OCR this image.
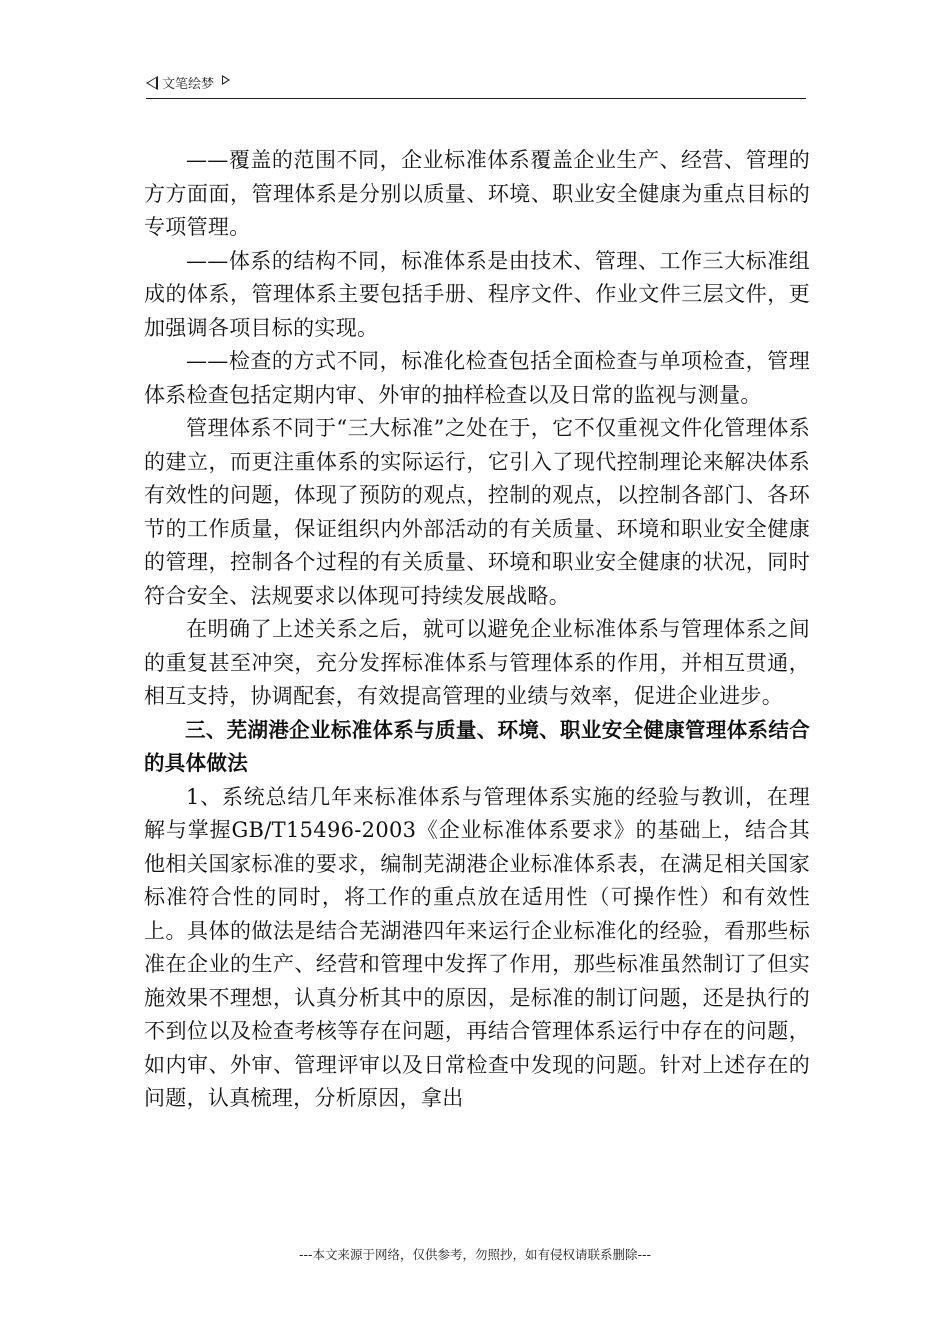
文笔绘梦

——覆盖的范围不同，企业标准体系覆盖企业生产、经营、管理的方方面面，管理体系是分别以质量、环境、职业安全健康为重点目标的专项管理。

——体系的结构不同，标准体系是由技术、管理、工作三大标准组成的体系，管理体系主要包括手册、程序文件、作业文件三层文件，更加强调各项目标的实现。

——检查的方式不同，标准化检查包括全面检查与单项检查，管理体系检查包括定期内审、外审的抽样检查以及日常的监视与测量。

管理体系不同于“三大标准”之处在于，它不仅重视文件化管理体系的建立，而更注重体系的实际运行，它引入了现代控制理论来解决体系有效性的问题，体现了预防的观点，控制的观点，以控制各部门、各环节的工作质量，保证组织内外部活动的有关质量、环境和职业安全健康的管理，控制各个过程的有关质量、环境和职业安全健康的状况，同时符合安全、法规要求以体现可持续发展战略。

在明确了上述关系之后，就可以避免企业标准体系与管理体系之间的重复甚至冲突，充分发挥标准体系与管理体系的作用，并相互贯通，相互支持，协调配套，有效提高管理的业绩与效率，促进企业进步。

三、芜湖港企业标准体系与质量、环境、职业安全健康管理体系结合的具体做法

1、系统总结几年来标准体系与管理体系实施的经验与教训，在理解与掌握GB/T15496-2003《企业标准体系要求》的基础上，结合其他相关国家标准的要求，编制芜湖港企业标准体系表，在满足相关国家标准符合性的同时，将工作的重点放在适用性（可操作性）和有效性上。具体的做法是结合芜湖港四年来运行企业标准化的经验，看那些标准在企业的生产、经营和管理中发挥了作用，那些标准虽然制订了但实施效果不理想，认真分析其中的原因，是标准的制订问题，还是执行的不到位以及检查考核等存在问题，再结合管理体系运行中存在的问题，如内审、外审、管理评审以及日常检查中发现的问题。针对上述存在的问题，认真梳理，分析原因，拿出

---本文来源于网络，仅供参考，勿照抄，如有侵权请联系删除---
